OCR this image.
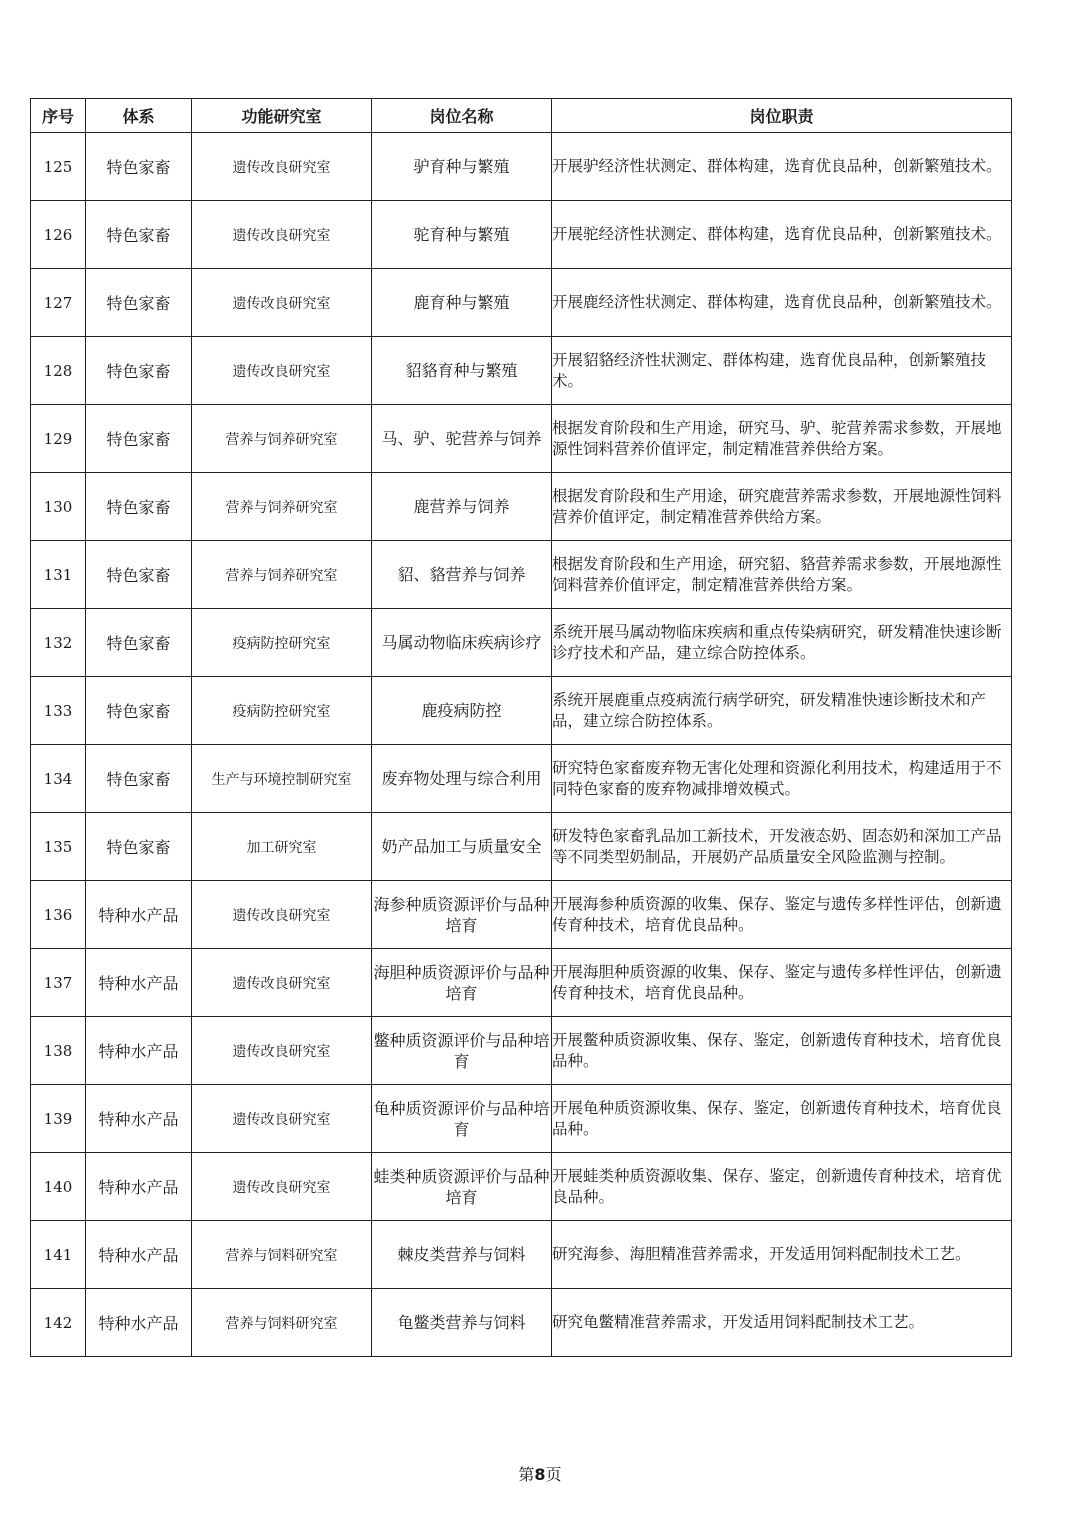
序号	体系	功能研究室	岗位名称	岗位职责
125	特色家畜	遗传改良研究室	驴育种与繁殖	开展驴经济性状测定、群体构建，选育优良品种，创新繁殖技术。
126	特色家畜	遗传改良研究室	驼育种与繁殖	开展驼经济性状测定、群体构建，选育优良品种，创新繁殖技术。
127	特色家畜	遗传改良研究室	鹿育种与繁殖	开展鹿经济性状测定、群体构建，选育优良品种，创新繁殖技术。
128	特色家畜	遗传改良研究室	貂貉育种与繁殖	开展貂貉经济性状测定、群体构建，选育优良品种，创新繁殖技术。
129	特色家畜	营养与饲养研究室	马、驴、驼营养与饲养	根据发育阶段和生产用途，研究马、驴、驼营养需求参数，开展地源性饲料营养价值评定，制定精准营养供给方案。
130	特色家畜	营养与饲养研究室	鹿营养与饲养	根据发育阶段和生产用途，研究鹿营养需求参数，开展地源性饲料营养价值评定，制定精准营养供给方案。
131	特色家畜	营养与饲养研究室	貂、貉营养与饲养	根据发育阶段和生产用途，研究貂、貉营养需求参数，开展地源性饲料营养价值评定，制定精准营养供给方案。
132	特色家畜	疫病防控研究室	马属动物临床疾病诊疗	系统开展马属动物临床疾病和重点传染病研究，研发精准快速诊断诊疗技术和产品，建立综合防控体系。
133	特色家畜	疫病防控研究室	鹿疫病防控	系统开展鹿重点疫病流行病学研究，研发精准快速诊断技术和产品，建立综合防控体系。
134	特色家畜	生产与环境控制研究室	废弃物处理与综合利用	研究特色家畜废弃物无害化处理和资源化利用技术，构建适用于不同特色家畜的废弃物减排增效模式。
135	特色家畜	加工研究室	奶产品加工与质量安全	研发特色家畜乳品加工新技术，开发液态奶、固态奶和深加工产品等不同类型奶制品，开展奶产品质量安全风险监测与控制。
136	特种水产品	遗传改良研究室	海参种质资源评价与品种培育	开展海参种质资源的收集、保存、鉴定与遗传多样性评估，创新遗传育种技术，培育优良品种。
137	特种水产品	遗传改良研究室	海胆种质资源评价与品种培育	开展海胆种质资源的收集、保存、鉴定与遗传多样性评估，创新遗传育种技术，培育优良品种。
138	特种水产品	遗传改良研究室	鳖种质资源评价与品种培育	开展鳖种质资源收集、保存、鉴定，创新遗传育种技术，培育优良品种。
139	特种水产品	遗传改良研究室	龟种质资源评价与品种培育	开展龟种质资源收集、保存、鉴定，创新遗传育种技术，培育优良品种。
140	特种水产品	遗传改良研究室	蛙类种质资源评价与品种培育	开展蛙类种质资源收集、保存、鉴定，创新遗传育种技术，培育优良品种。
141	特种水产品	营养与饲料研究室	棘皮类营养与饲料	研究海参、海胆精准营养需求，开发适用饲料配制技术工艺。
142	特种水产品	营养与饲料研究室	龟鳖类营养与饲料	研究龟鳖精准营养需求，开发适用饲料配制技术工艺。
第8页
